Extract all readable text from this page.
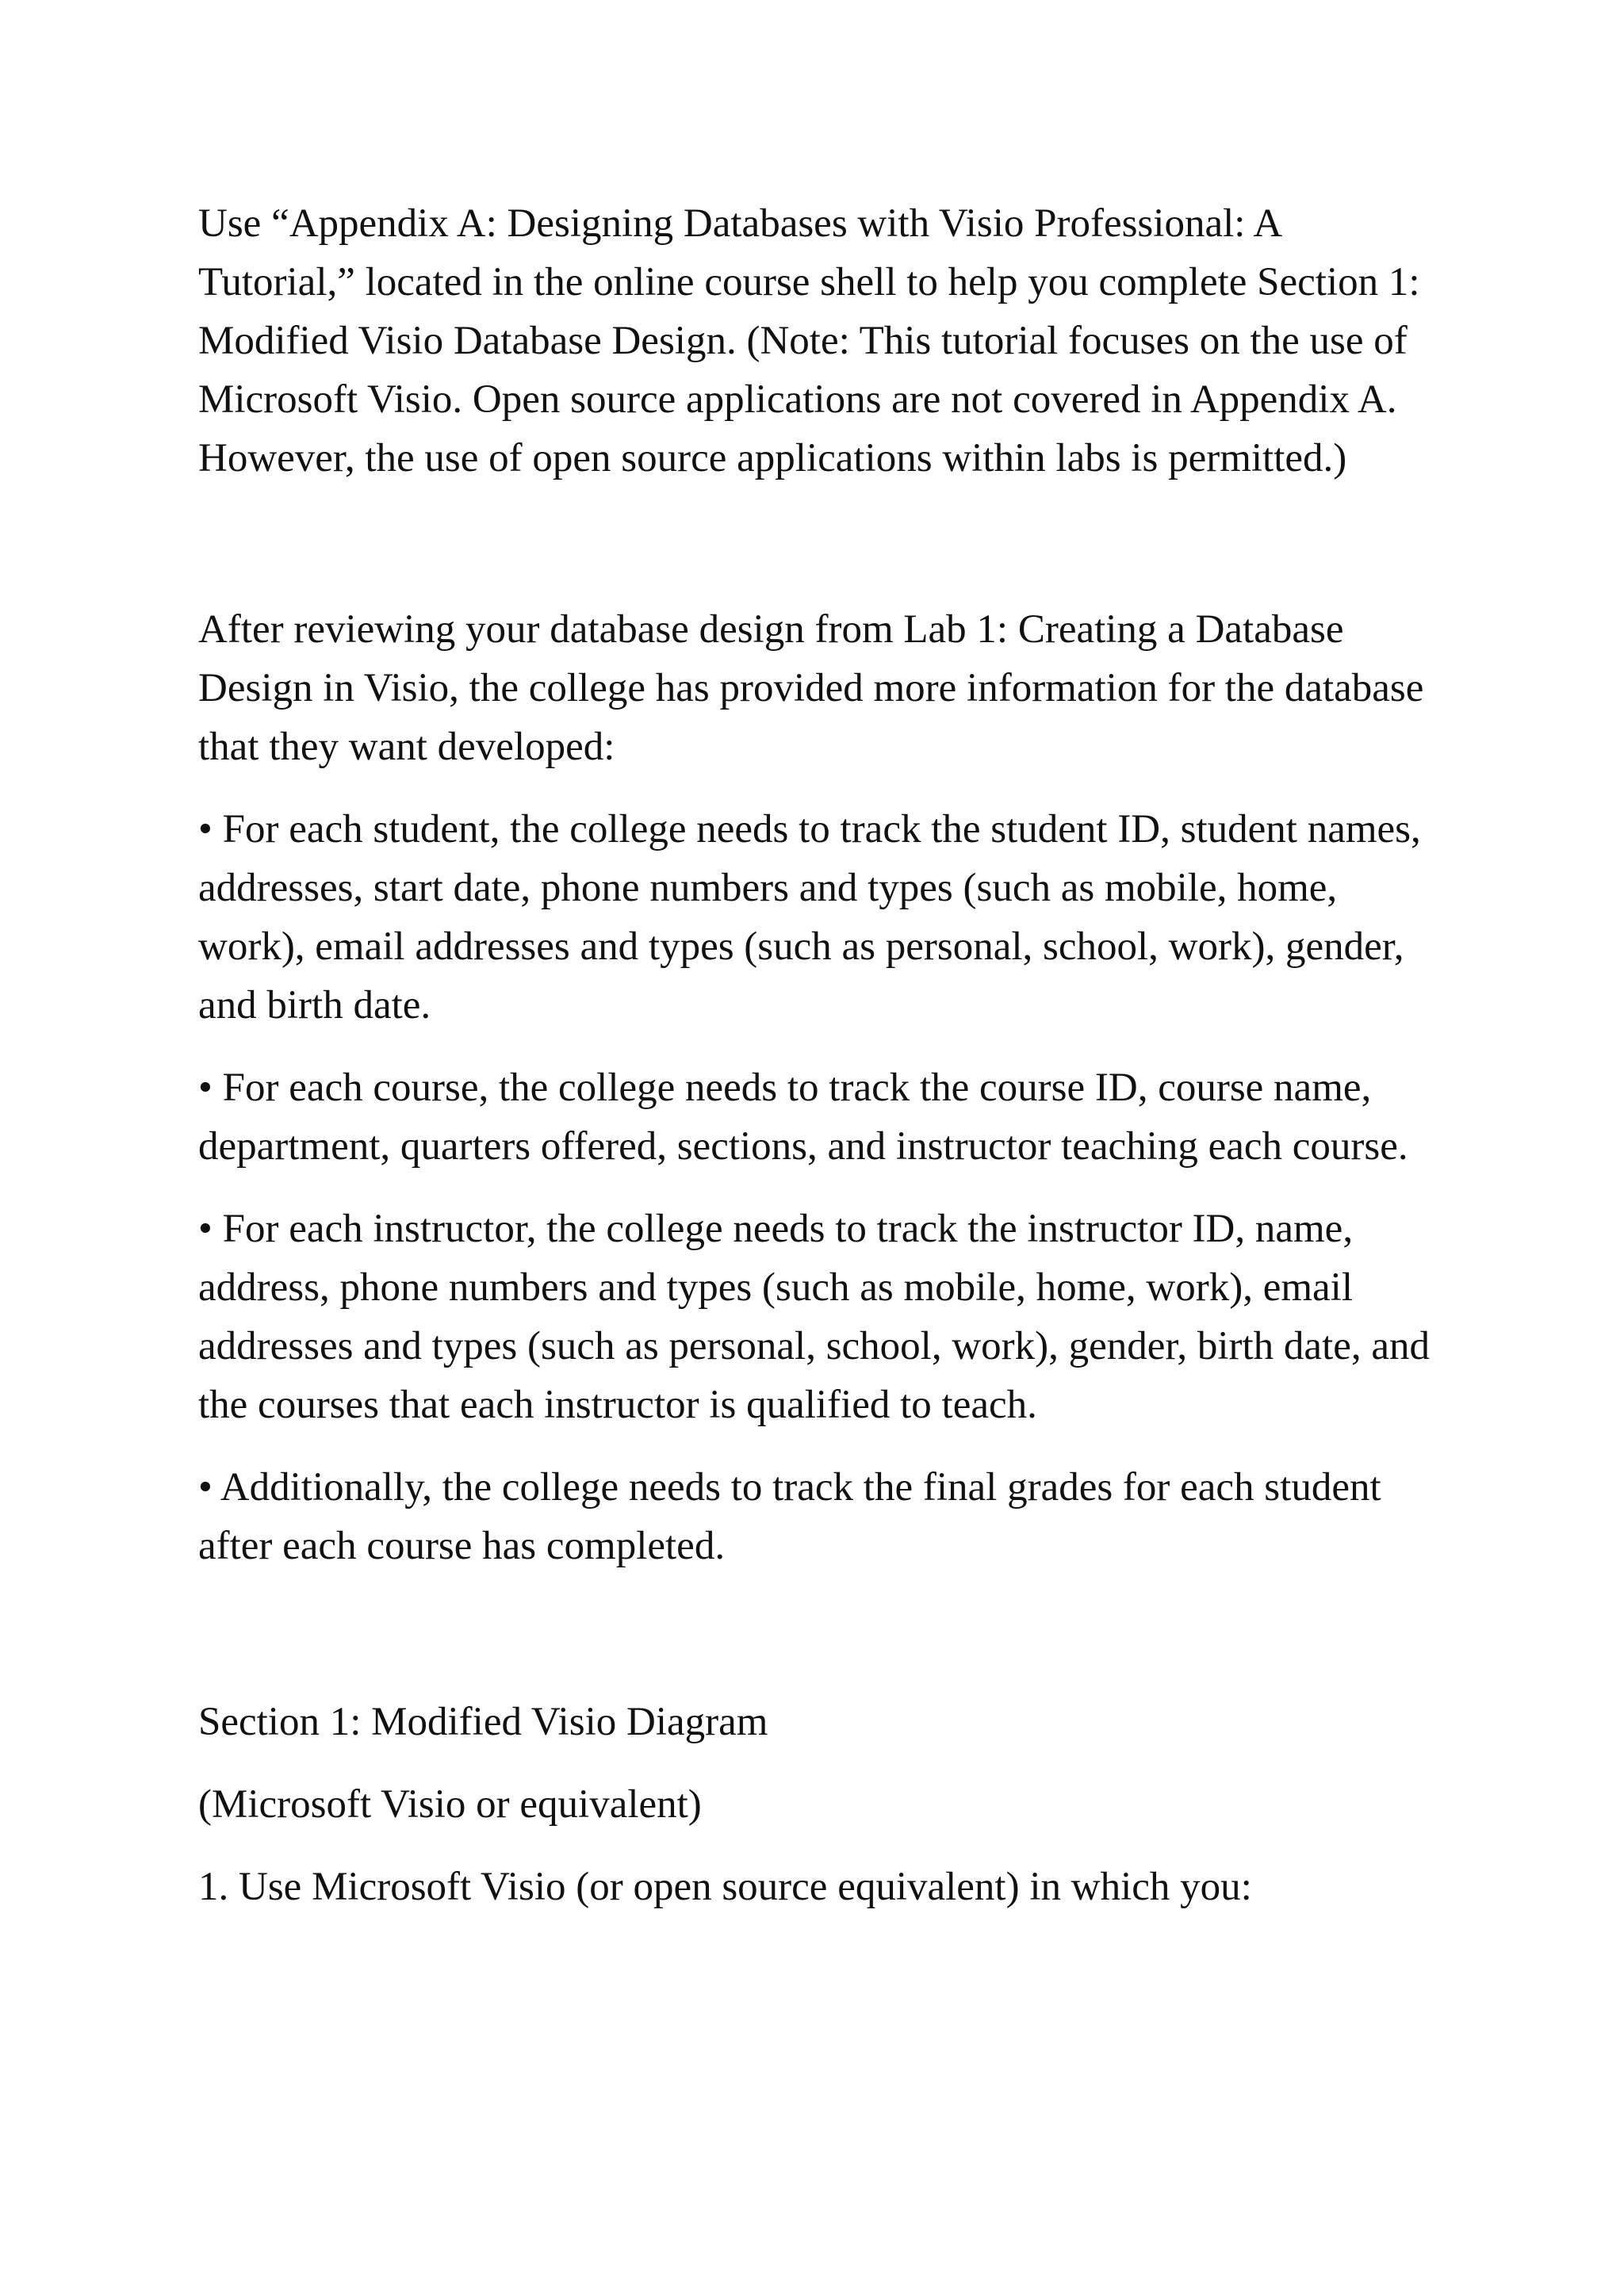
Use “Appendix A: Designing Databases with Visio Professional: A Tutorial,” located in the online course shell to help you complete Section 1: Modified Visio Database Design. (Note: This tutorial focuses on the use of Microsoft Visio. Open source applications are not covered in Appendix A. However, the use of open source applications within labs is permitted.)

After reviewing your database design from Lab 1: Creating a Database Design in Visio, the college has provided more information for the database that they want developed:

• For each student, the college needs to track the student ID, student names, addresses, start date, phone numbers and types (such as mobile, home, work), email addresses and types (such as personal, school, work), gender, and birth date.

• For each course, the college needs to track the course ID, course name, department, quarters offered, sections, and instructor teaching each course.

• For each instructor, the college needs to track the instructor ID, name, address, phone numbers and types (such as mobile, home, work), email addresses and types (such as personal, school, work), gender, birth date, and the courses that each instructor is qualified to teach.

• Additionally, the college needs to track the final grades for each student after each course has completed.

Section 1: Modified Visio Diagram

(Microsoft Visio or equivalent)

1. Use Microsoft Visio (or open source equivalent) in which you:
